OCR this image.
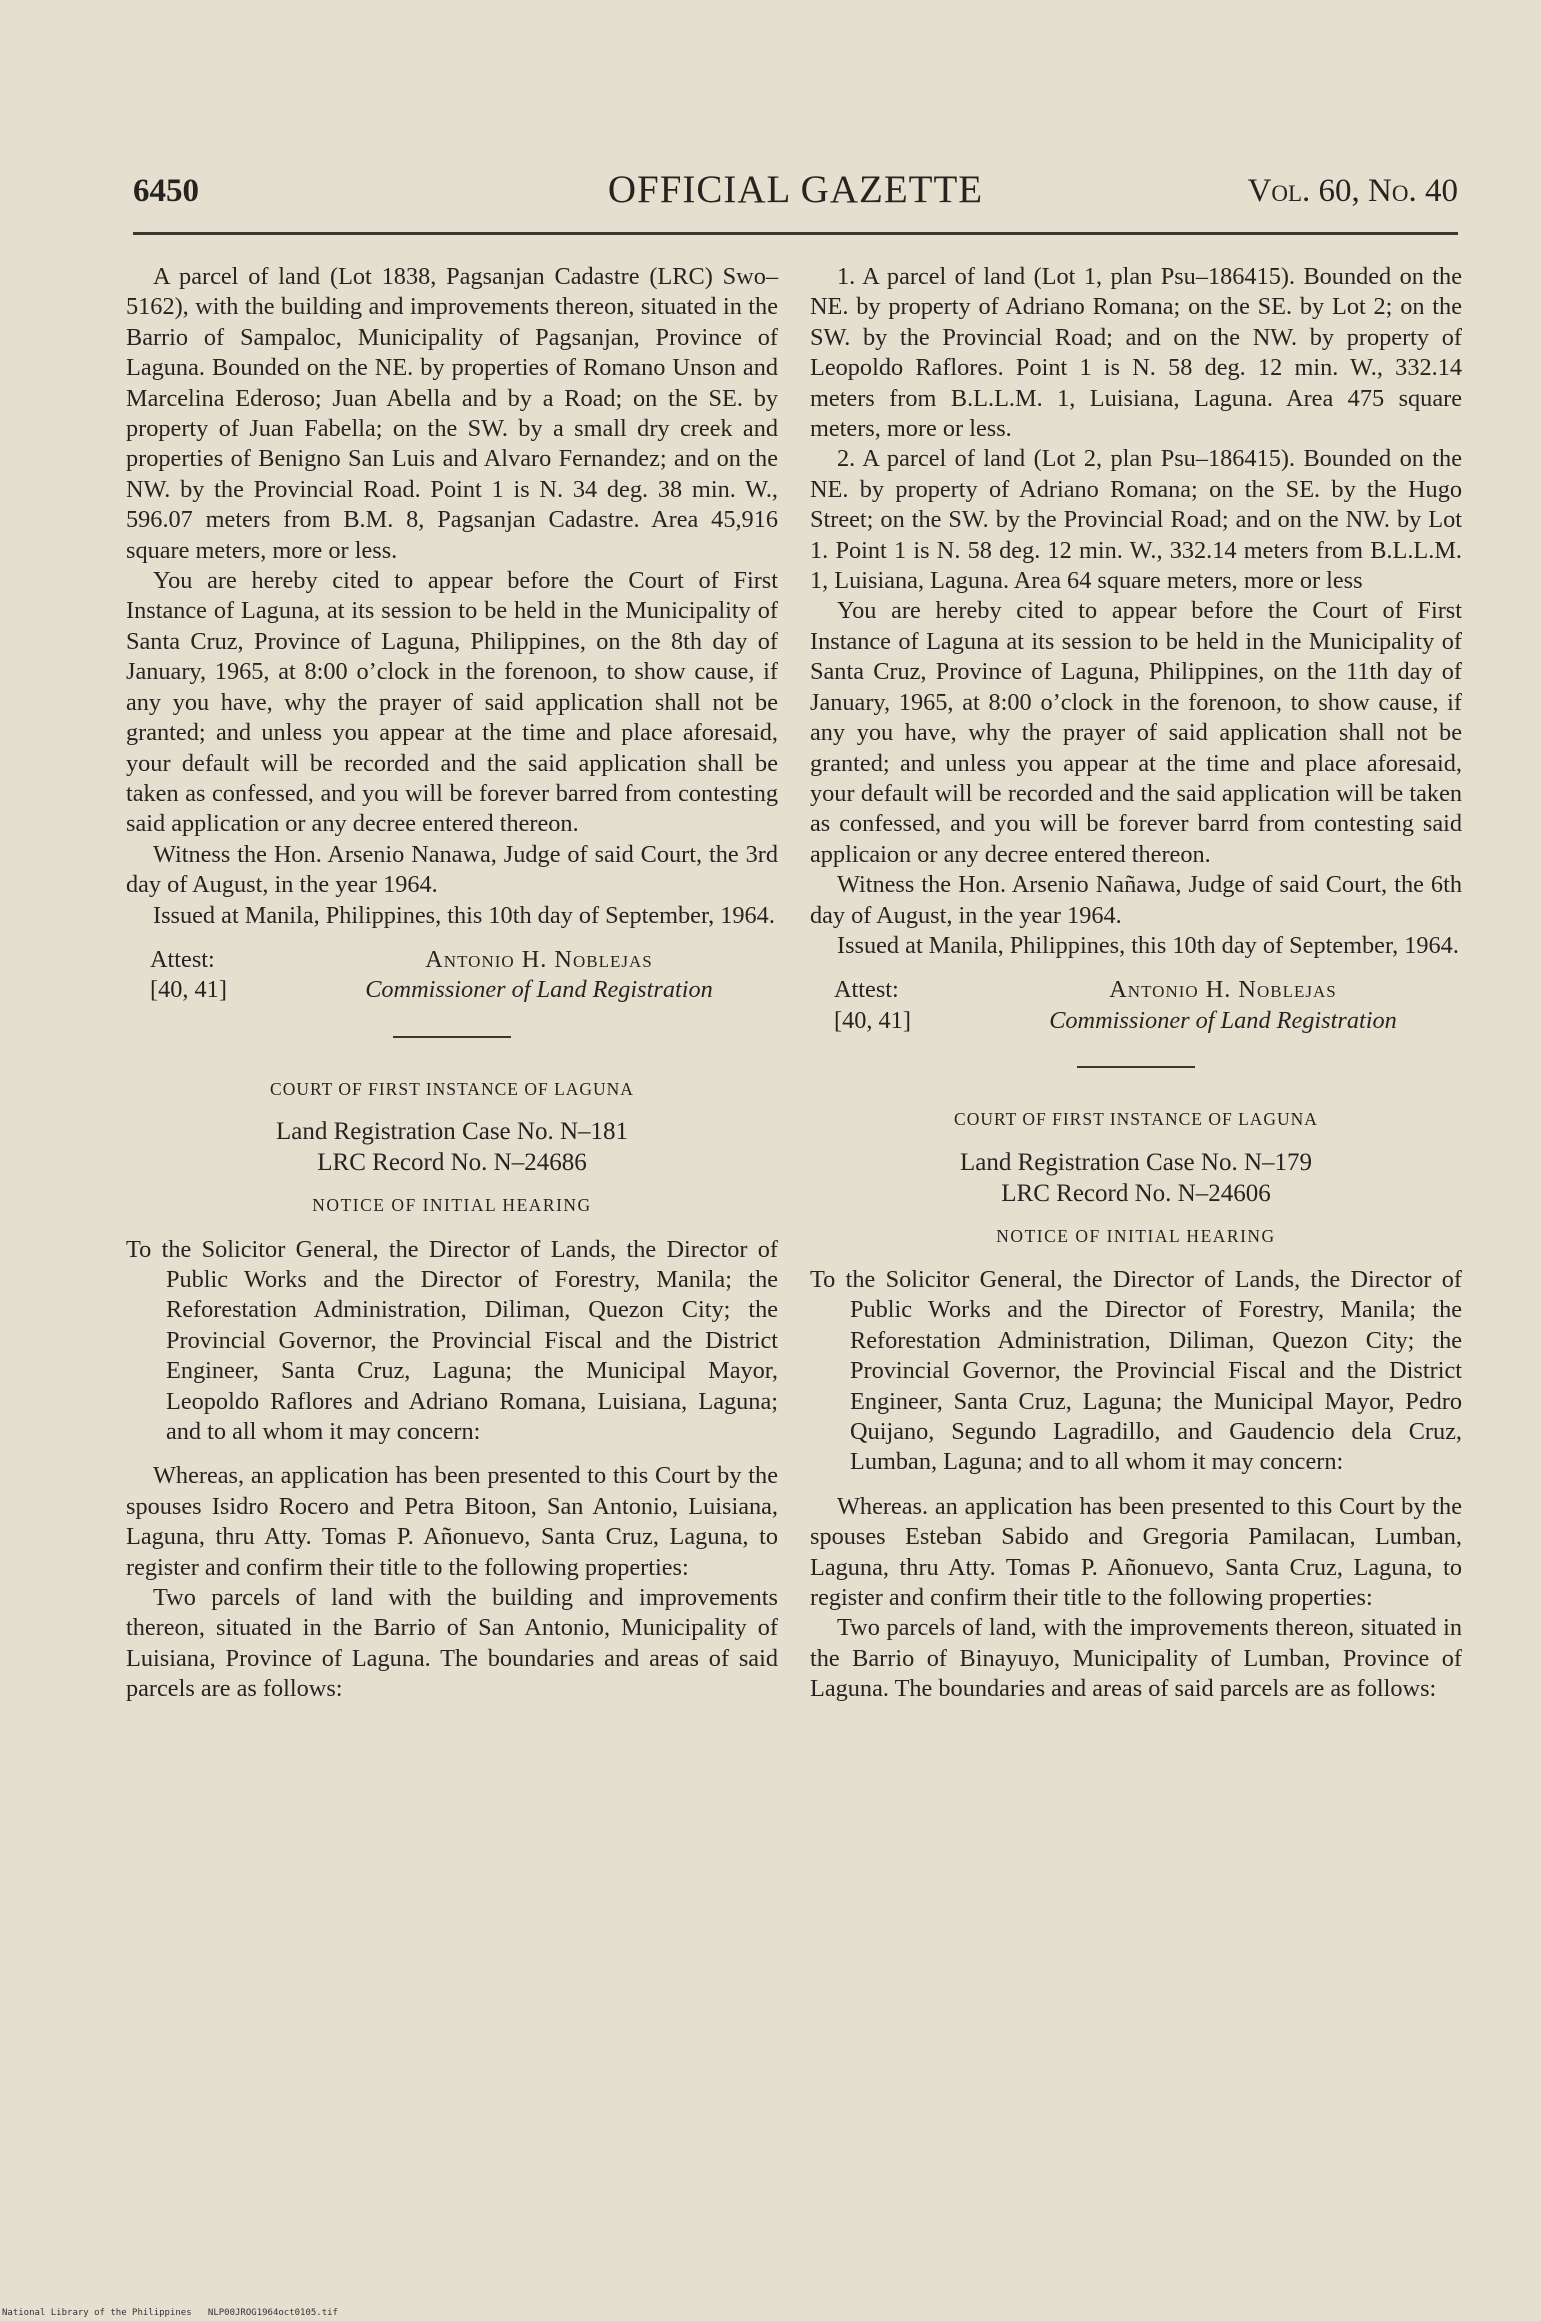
6450	OFFICIAL GAZETTE	Vol. 60, No. 40

A parcel of land (Lot 1838, Pagsanjan Cadastre (LRC) Swo–5162), with the building and improvements thereon, situated in the Barrio of Sampaloc, Municipality of Pagsanjan, Province of Laguna. Bounded on the NE. by properties of Romano Unson and Marcelina Ederoso; Juan Abella and by a Road; on the SE. by property of Juan Fabella; on the SW. by a small dry creek and properties of Benigno San Luis and Alvaro Fernandez; and on the NW. by the Provincial Road. Point 1 is N. 34 deg. 38 min. W., 596.07 meters from B.M. 8, Pagsanjan Cadastre. Area 45,916 square meters, more or less.

You are hereby cited to appear before the Court of First Instance of Laguna, at its session to be held in the Municipality of Santa Cruz, Province of Laguna, Philippines, on the 8th day of January, 1965, at 8:00 o’clock in the forenoon, to show cause, if any you have, why the prayer of said application shall not be granted; and unless you appear at the time and place aforesaid, your default will be recorded and the said application shall be taken as confessed, and you will be forever barred from contesting said application or any decree entered thereon.

Witness the Hon. Arsenio Nanawa, Judge of said Court, the 3rd day of August, in the year 1964.

Issued at Manila, Philippines, this 10th day of September, 1964.

Attest:
[40, 41]
Antonio H. Noblejas
Commissioner of Land Registration
COURT OF FIRST INSTANCE OF LAGUNA
Land Registration Case No. N–181
LRC Record No. N–24686
NOTICE OF INITIAL HEARING
To the Solicitor General, the Director of Lands, the Director of Public Works and the Director of Forestry, Manila; the Reforestation Administration, Diliman, Quezon City; the Provincial Governor, the Provincial Fiscal and the District Engineer, Santa Cruz, Laguna; the Municipal Mayor, Leopoldo Raflores and Adriano Romana, Luisiana, Laguna; and to all whom it may concern:

Whereas, an application has been presented to this Court by the spouses Isidro Rocero and Petra Bitoon, San Antonio, Luisiana, Laguna, thru Atty. Tomas P. Añonuevo, Santa Cruz, Laguna, to register and confirm their title to the following properties:

Two parcels of land with the building and improvements thereon, situated in the Barrio of San Antonio, Municipality of Luisiana, Province of Laguna. The boundaries and areas of said parcels are as follows:

1. A parcel of land (Lot 1, plan Psu–186415). Bounded on the NE. by property of Adriano Romana; on the SE. by Lot 2; on the SW. by the Provincial Road; and on the NW. by property of Leopoldo Raflores. Point 1 is N. 58 deg. 12 min. W., 332.14 meters from B.L.L.M. 1, Luisiana, Laguna. Area 475 square meters, more or less.

2. A parcel of land (Lot 2, plan Psu–186415). Bounded on the NE. by property of Adriano Romana; on the SE. by the Hugo Street; on the SW. by the Provincial Road; and on the NW. by Lot 1. Point 1 is N. 58 deg. 12 min. W., 332.14 meters from B.L.L.M. 1, Luisiana, Laguna. Area 64 square meters, more or less

You are hereby cited to appear before the Court of First Instance of Laguna at its session to be held in the Municipality of Santa Cruz, Province of Laguna, Philippines, on the 11th day of January, 1965, at 8:00 o’clock in the forenoon, to show cause, if any you have, why the prayer of said application shall not be granted; and unless you appear at the time and place aforesaid, your default will be recorded and the said application will be taken as confessed, and you will be forever barrd from contesting said applicaion or any decree entered thereon.

Witness the Hon. Arsenio Nañawa, Judge of said Court, the 6th day of August, in the year 1964.

Issued at Manila, Philippines, this 10th day of September, 1964.

Attest:
[40, 41]
Antonio H. Noblejas
Commissioner of Land Registration
COURT OF FIRST INSTANCE OF LAGUNA
Land Registration Case No. N–179
LRC Record No. N–24606
NOTICE OF INITIAL HEARING
To the Solicitor General, the Director of Lands, the Director of Public Works and the Director of Forestry, Manila; the Reforestation Administration, Diliman, Quezon City; the Provincial Governor, the Provincial Fiscal and the District Engineer, Santa Cruz, Laguna; the Municipal Mayor, Pedro Quijano, Segundo Lagradillo, and Gaudencio dela Cruz, Lumban, Laguna; and to all whom it may concern:

Whereas. an application has been presented to this Court by the spouses Esteban Sabido and Gregoria Pamilacan, Lumban, Laguna, thru Atty. Tomas P. Añonuevo, Santa Cruz, Laguna, to register and confirm their title to the following properties:

Two parcels of land, with the improvements thereon, situated in the Barrio of Binayuyo, Municipality of Lumban, Province of Laguna. The boundaries and areas of said parcels are as follows:

National Library of the Philippines NLP00JROG1964oct0105.tif
